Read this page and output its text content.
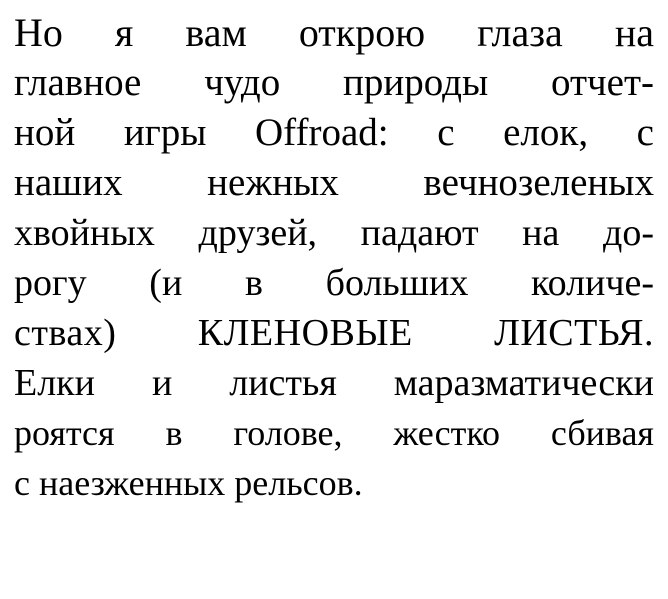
Но я вам открою глаза на
главное чудо природы отчет-
ной игры Offroad: с елок, с
наших нежных вечнозеленых
хвойных друзей, падают на до-
рогу (и в больших количе-
ствах) КЛЕНОВЫЕ ЛИСТЬЯ.
Елки и листья маразматически
роятся в голове, жестко сбивая
с наезженных рельсов.
